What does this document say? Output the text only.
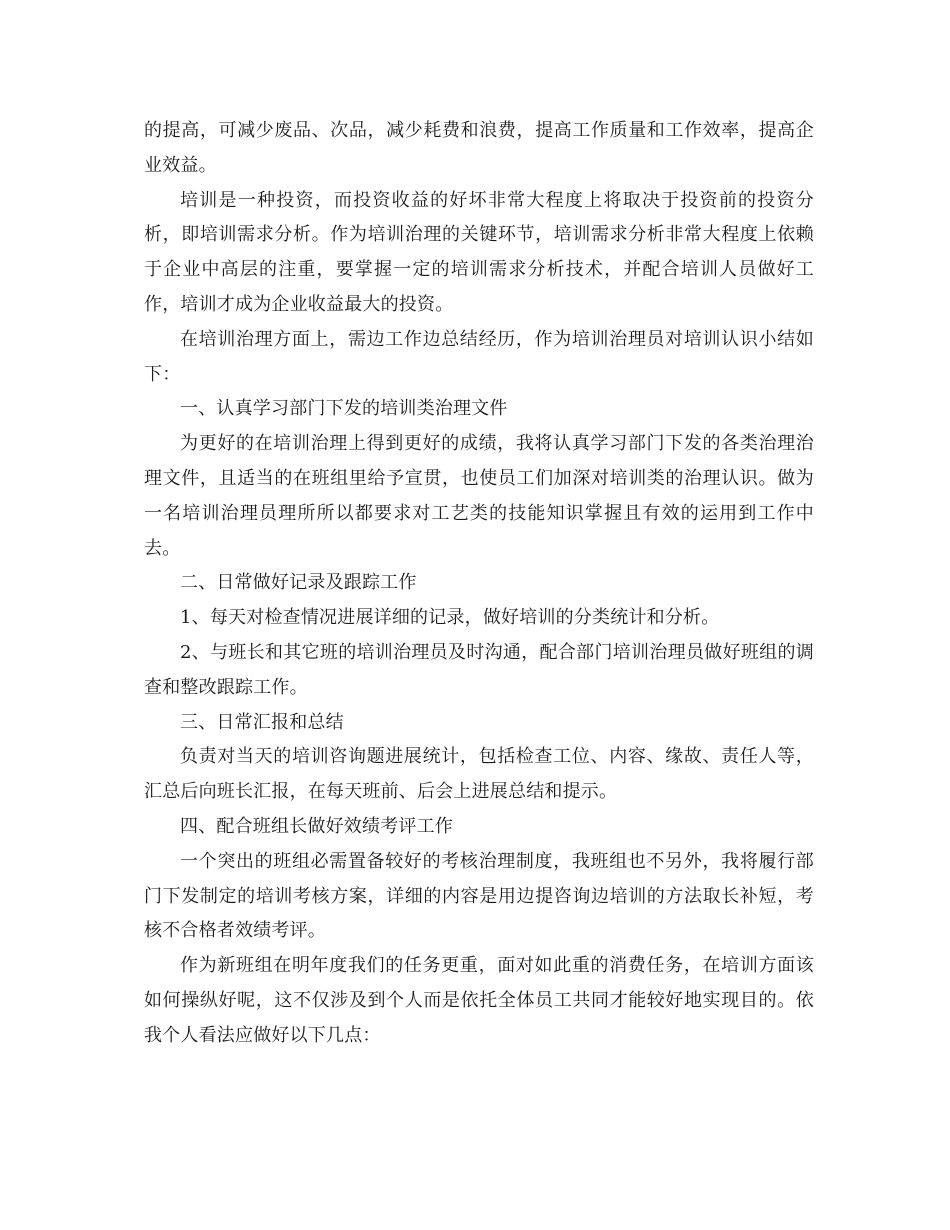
的提高，可减少废品、次品，减少耗费和浪费，提高工作质量和工作效率，提高企业效益。

培训是一种投资，而投资收益的好坏非常大程度上将取决于投资前的投资分析，即培训需求分析。作为培训治理的关键环节，培训需求分析非常大程度上依赖于企业中高层的注重，要掌握一定的培训需求分析技术，并配合培训人员做好工作，培训才成为企业收益最大的投资。

在培训治理方面上，需边工作边总结经历，作为培训治理员对培训认识小结如下：

一、认真学习部门下发的培训类治理文件

为更好的在培训治理上得到更好的成绩，我将认真学习部门下发的各类治理治理文件，且适当的在班组里给予宣贯，也使员工们加深对培训类的治理认识。做为一名培训治理员理所所以都要求对工艺类的技能知识掌握且有效的运用到工作中去。

二、日常做好记录及跟踪工作

1、每天对检查情况进展详细的记录，做好培训的分类统计和分析。

2、与班长和其它班的培训治理员及时沟通，配合部门培训治理员做好班组的调查和整改跟踪工作。

三、日常汇报和总结

负责对当天的培训咨询题进展统计，包括检查工位、内容、缘故、责任人等，汇总后向班长汇报，在每天班前、后会上进展总结和提示。

四、配合班组长做好效绩考评工作

一个突出的班组必需置备较好的考核治理制度，我班组也不另外，我将履行部门下发制定的培训考核方案，详细的内容是用边提咨询边培训的方法取长补短，考核不合格者效绩考评。

作为新班组在明年度我们的任务更重，面对如此重的消费任务，在培训方面该如何操纵好呢，这不仅涉及到个人而是依托全体员工共同才能较好地实现目的。依我个人看法应做好以下几点：
